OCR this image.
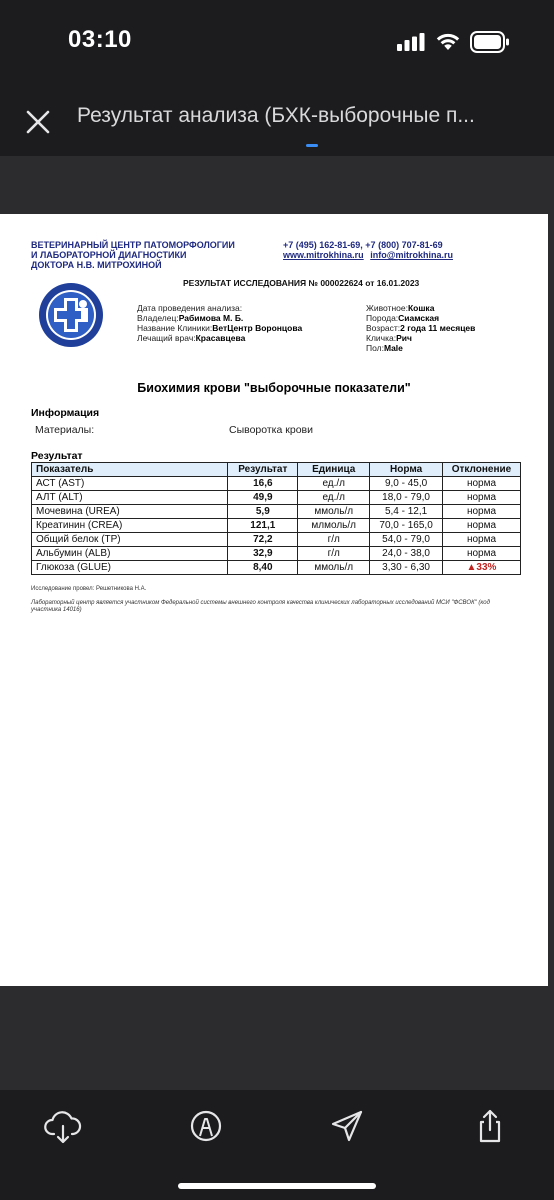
03:10
Результат анализа (БХК-выборочные п...
ВЕТЕРИНАРНЫЙ ЦЕНТР ПАТОМОРФОЛОГИИ
И ЛАБОРАТОРНОЙ ДИАГНОСТИКИ
ДОКТОРА Н.В. МИТРОХИНОЙ
+7 (495) 162-81-69, +7 (800) 707-81-69
www.mitrokhina.ru info@mitrokhina.ru
РЕЗУЛЬТАТ ИССЛЕДОВАНИЯ № 000022624 от 16.01.2023
Дата проведения анализа:
Владелец:Рабимова М. Б.
Название Клиники:ВетЦентр Воронцова
Лечащий врач:Красавцева
Животное:Кошка
Порода:Сиамская
Возраст:2 года 11 месяцев
Кличка:Рич
Пол:Male
Биохимия крови "выборочные показатели"
Информация
Материалы:	Сыворотка крови
Результат
Показатель	Результат	Единица	Норма	Отклонение
АСТ (AST)	16,6	ед./л	9,0 - 45,0	норма
АЛТ (ALT)	49,9	ед./л	18,0 - 79,0	норма
Мочевина (UREA)	5,9	ммоль/л	5,4 - 12,1	норма
Креатинин (CREA)	121,1	млмоль/л	70,0 - 165,0	норма
Общий белок (TP)	72,2	г/л	54,0 - 79,0	норма
Альбумин (ALB)	32,9	г/л	24,0 - 38,0	норма
Глюкоза (GLUE)	8,40	ммоль/л	3,30 - 6,30	▲33%
Исследование провел: Решетникова Н.А.
Лабораторный центр является участником Федеральной системы внешнего контроля качества клинических лабораторных исследований МСИ "ФСВОК" (код участника 14016)
